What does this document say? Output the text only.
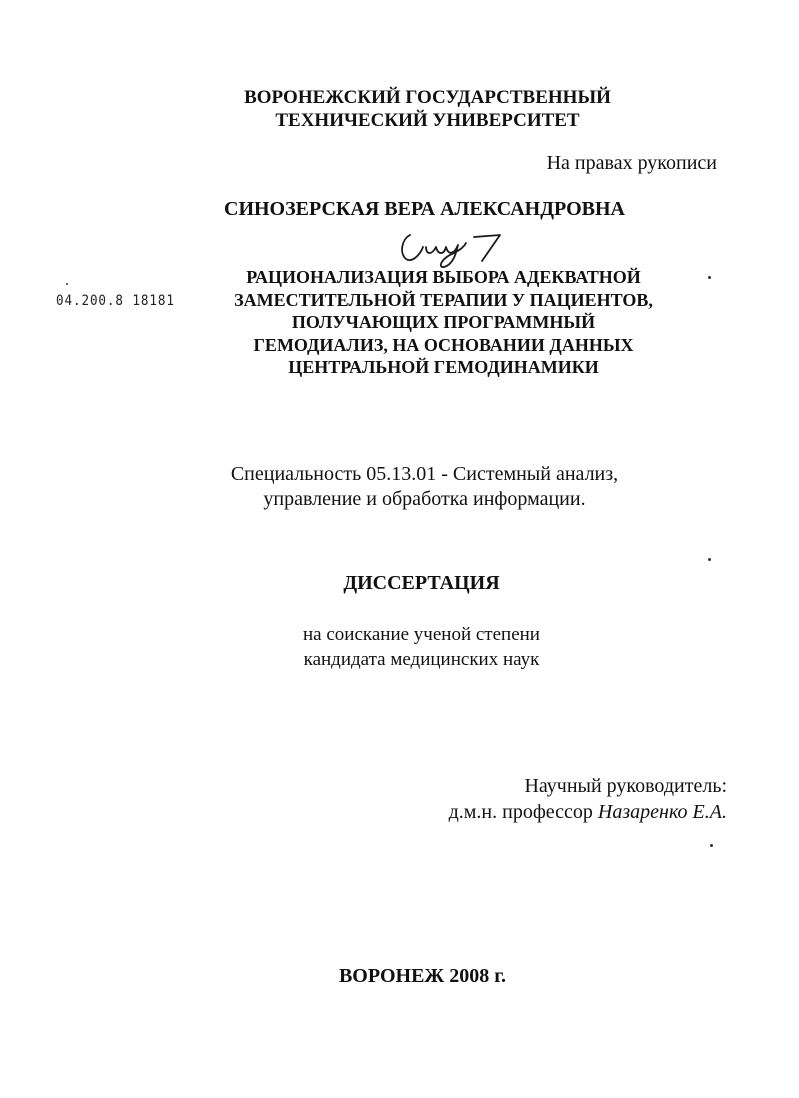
ВОРОНЕЖСКИЙ ГОСУДАРСТВЕННЫЙ
ТЕХНИЧЕСКИЙ УНИВЕРСИТЕТ
На правах рукописи
СИНОЗЕРСКАЯ ВЕРА АЛЕКСАНДРОВНА
04.200.8 18181
РАЦИОНАЛИЗАЦИЯ ВЫБОРА АДЕКВАТНОЙ
ЗАМЕСТИТЕЛЬНОЙ ТЕРАПИИ У ПАЦИЕНТОВ,
ПОЛУЧАЮЩИХ ПРОГРАММНЫЙ
ГЕМОДИАЛИЗ, НА ОСНОВАНИИ ДАННЫХ
ЦЕНТРАЛЬНОЙ ГЕМОДИНАМИКИ
Специальность 05.13.01 - Системный анализ,
управление и обработка информации.
ДИССЕРТАЦИЯ
на соискание ученой степени
кандидата медицинских наук
Научный руководитель:
д.м.н. профессор Назаренко Е.А.
ВОРОНЕЖ 2008 г.
